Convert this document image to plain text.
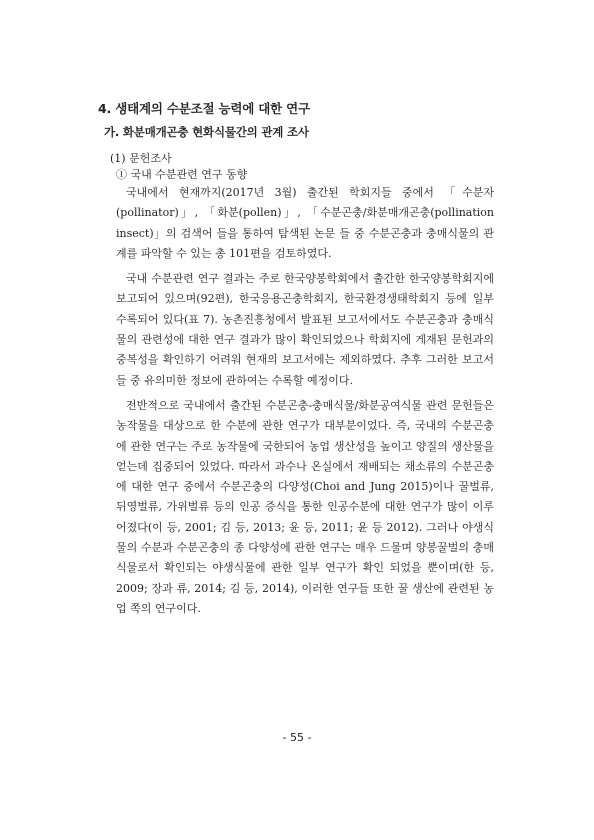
4. 생태계의 수분조절 능력에 대한 연구
가. 화분매개곤충 현화식물간의 관계 조사
(1) 문헌조사
① 국내 수분관련 연구 동향

국내에서 현재까지(2017년 3월) 출간된 학회지들 중에서 「수분자(pollinator)」, 「화분(pollen)」, 「수분곤충/화분매개곤충(pollination insect)」의 검색어 들을 통하여 탐색된 논문 들 중 수분곤충과 충매식물의 관계를 파악할 수 있는 총 101편을 검토하였다.

국내 수분관련 연구 결과는 주로 한국양봉학회에서 출간한 한국양봉학회지에 보고되어 있으며(92편), 한국응용곤충학회지, 한국환경생태학회지 등에 일부 수록되어 있다(표 7). 농촌진흥청에서 발표된 보고서에서도 수분곤충과 충매식물의 관련성에 대한 연구 결과가 많이 확인되었으나 학회지에 게재된 문헌과의 중복성을 확인하기 어려워 현재의 보고서에는 제외하였다. 추후 그러한 보고서 들 중 유의미한 정보에 관하여는 수록할 예정이다.

전반적으로 국내에서 출간된 수분곤충-충매식물/화분공여식물 관련 문헌들은 농작물을 대상으로 한 수분에 관한 연구가 대부분이었다. 즉, 국내의 수분곤충에 관한 연구는 주로 농작물에 국한되어 농업 생산성을 높이고 양질의 생산물을 얻는데 집중되어 있었다. 따라서 과수나 온실에서 재배되는 채소류의 수분곤충에 대한 연구 중에서 수분곤충의 다양성(Choi and Jung 2015)이나 꿀벌류, 뒤영벌류, 가위벌류 등의 인공 증식을 통한 인공수분에 대한 연구가 많이 이루어졌다(이 등, 2001; 김 등, 2013; 윤 등, 2011; 윤 등 2012). 그러나 야생식물의 수분과 수분곤충의 종 다양성에 관한 연구는 매우 드물며 양봉꿀벌의 충매식물로서 확인되는 야생식물에 관한 일부 연구가 확인 되었을 뿐이며(한 등, 2009; 장과 류, 2014; 김 등, 2014), 이러한 연구들 또한 꿀 생산에 관련된 농업 쪽의 연구이다.

- 55 -
